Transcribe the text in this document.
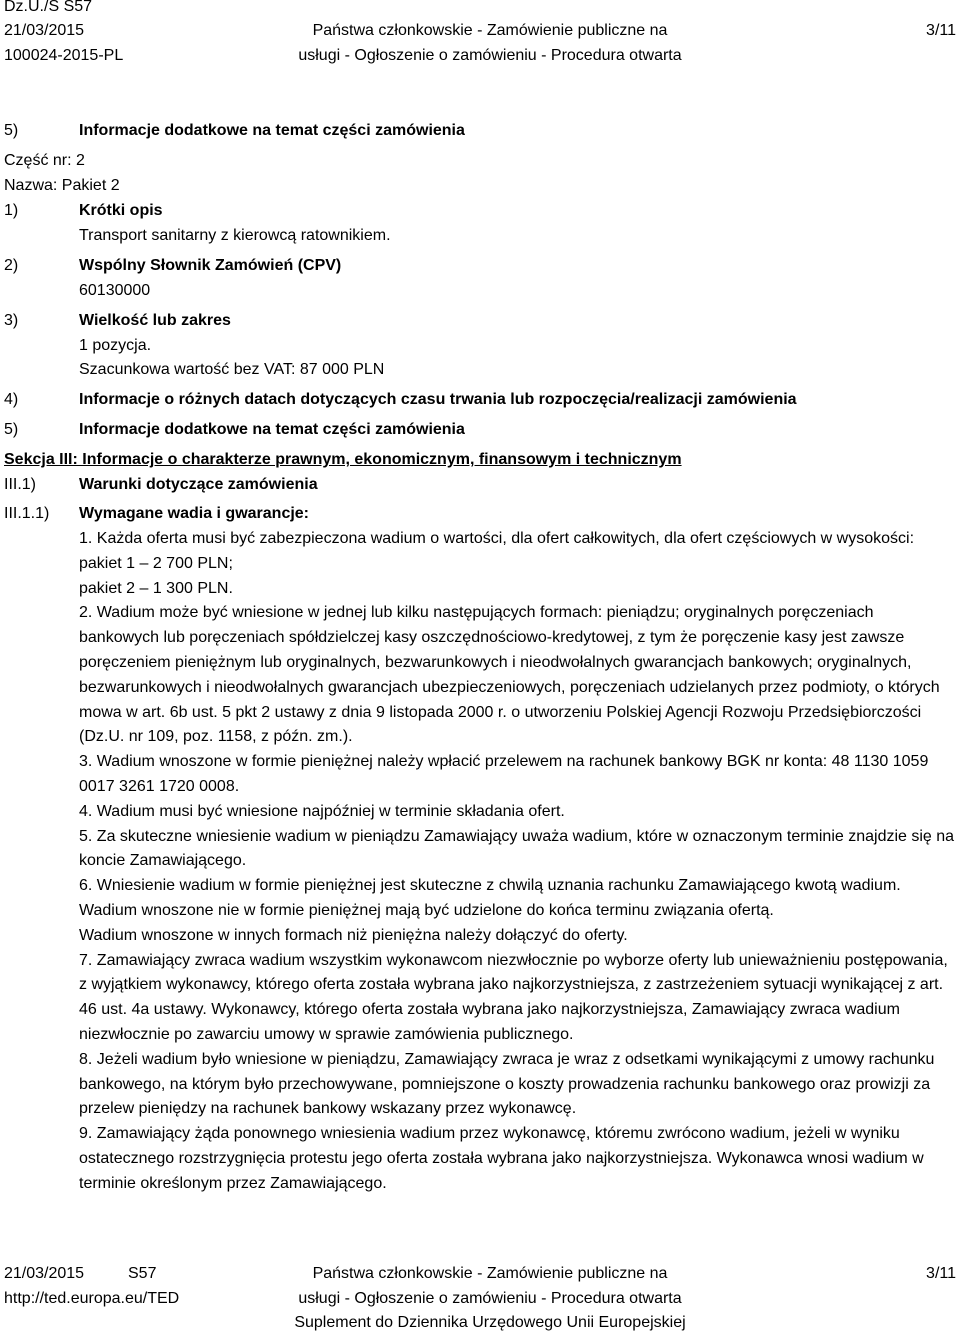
Dz.U./S S57
21/03/2015
100024-2015-PL
Państwa członkowskie - Zamówienie publiczne na
usługi - Ogłoszenie o zamówieniu - Procedura otwarta
3/11
5)	Informacje dodatkowe na temat części zamówienia
Część nr: 2
Nazwa: Pakiet 2
1)	Krótki opis
Transport sanitarny z kierowcą ratownikiem.
2)	Wspólny Słownik Zamówień (CPV)
60130000
3)	Wielkość lub zakres
1 pozycja.
Szacunkowa wartość bez VAT: 87 000 PLN
4)	Informacje o różnych datach dotyczących czasu trwania lub rozpoczęcia/realizacji zamówienia
5)	Informacje dodatkowe na temat części zamówienia
Sekcja III: Informacje o charakterze prawnym, ekonomicznym, finansowym i technicznym
III.1)	Warunki dotyczące zamówienia
III.1.1) Wymagane wadia i gwarancje:

1. Każda oferta musi być zabezpieczona wadium o wartości, dla ofert całkowitych, dla ofert częściowych w wysokości:

pakiet 1 – 2 700 PLN;

pakiet 2 – 1 300 PLN.

2. Wadium może być wniesione w jednej lub kilku następujących formach: pieniądzu; oryginalnych poręczeniach bankowych lub poręczeniach spółdzielczej kasy oszczędnościowo-kredytowej, z tym że poręczenie kasy jest zawsze poręczeniem pieniężnym lub oryginalnych, bezwarunkowych i nieodwołalnych gwarancjach bankowych; oryginalnych, bezwarunkowych i nieodwołalnych gwarancjach ubezpieczeniowych, poręczeniach udzielanych przez podmioty, o których mowa w art. 6b ust. 5 pkt 2 ustawy z dnia 9 listopada 2000 r. o utworzeniu Polskiej Agencji Rozwoju Przedsiębiorczości (Dz.U. nr 109, poz. 1158, z późn. zm.).

3. Wadium wnoszone w formie pieniężnej należy wpłacić przelewem na rachunek bankowy BGK nr konta: 48 1130 1059 0017 3261 1720 0008.

4. Wadium musi być wniesione najpóźniej w terminie składania ofert.

5. Za skuteczne wniesienie wadium w pieniądzu Zamawiający uważa wadium, które w oznaczonym terminie znajdzie się na koncie Zamawiającego.

6. Wniesienie wadium w formie pieniężnej jest skuteczne z chwilą uznania rachunku Zamawiającego kwotą wadium.

Wadium wnoszone nie w formie pieniężnej mają być udzielone do końca terminu związania ofertą.

Wadium wnoszone w innych formach niż pieniężna należy dołączyć do oferty.

7. Zamawiający zwraca wadium wszystkim wykonawcom niezwłocznie po wyborze oferty lub unieważnieniu postępowania, z wyjątkiem wykonawcy, którego oferta została wybrana jako najkorzystniejsza, z zastrzeżeniem sytuacji wynikającej z art. 46 ust. 4a ustawy. Wykonawcy, którego oferta została wybrana jako najkorzystniejsza, Zamawiający zwraca wadium niezwłocznie po zawarciu umowy w sprawie zamówienia publicznego.

8. Jeżeli wadium było wniesione w pieniądzu, Zamawiający zwraca je wraz z odsetkami wynikającymi z umowy rachunku bankowego, na którym było przechowywane, pomniejszone o koszty prowadzenia rachunku bankowego oraz prowizji za przelew pieniędzy na rachunek bankowy wskazany przez wykonawcę.

9. Zamawiający żąda ponownego wniesienia wadium przez wykonawcę, któremu zwrócono wadium, jeżeli w wyniku ostatecznego rozstrzygnięcia protestu jego oferta została wybrana jako najkorzystniejsza. Wykonawca wnosi wadium w terminie określonym przez Zamawiającego.

21/03/2015	S57
http://ted.europa.eu/TED
Państwa członkowskie - Zamówienie publiczne na
usługi - Ogłoszenie o zamówieniu - Procedura otwarta
Suplement do Dziennika Urzędowego Unii Europejskiej
3/11
